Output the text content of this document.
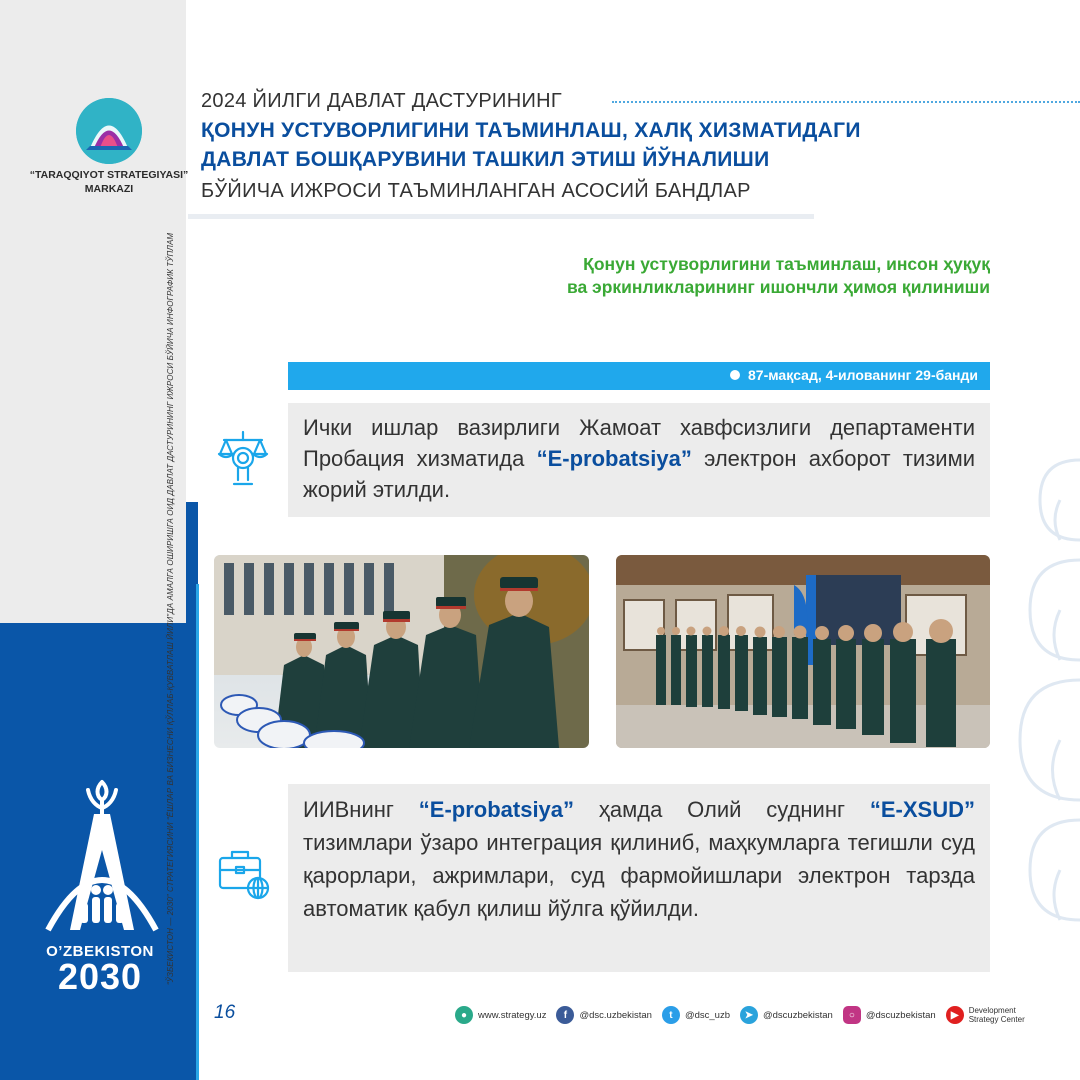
“TARAQQIYOT STRATEGIYASI”
MARKAZI
“ЎЗБЕКИСТОН — 2030” СТРАТЕГИЯСИНИ “ЁШЛАР ВА БИЗНЕСНИ ҚЎЛЛАБ-ҚУВВАТЛАШ ЙИЛИ”ДА АМАЛГА ОШИРИШГА ОИД ДАВЛАТ ДАСТУРИНИНГ ИЖРОСИ БЎЙИЧА ИНФОГРАФИК ТЎПЛАМ
O’ZBEKISTON
2030
2024 ЙИЛГИ ДАВЛАТ ДАСТУРИНИНГ
ҚОНУН УСТУВОРЛИГИНИ ТАЪМИНЛАШ, ХАЛҚ ХИЗМАТИДАГИ
ДАВЛАТ БОШҚАРУВИНИ ТАШКИЛ ЭТИШ ЙЎНАЛИШИ
БЎЙИЧА ИЖРОСИ ТАЪМИНЛАНГАН АСОСИЙ БАНДЛАР
Қонун устуворлигини таъминлаш, инсон ҳуқуқ
ва эркинликларининг ишончли ҳимоя қилиниши
87-мақсад, 4-илованинг 29-банди
Ички ишлар вазирлиги Жамоат хавфсизлиги департаменти Пробация хизматида “E-probatsiya” электрон ахборот тизими жорий этилди.
ИИВнинг “E-probatsiya” ҳамда Олий суднинг “E-XSUD” тизимлари ўзаро интеграция қилиниб, маҳкумларга тегишли суд қарорлари, ажримлари, суд фармойишлари электрон тарзда автоматик қабул қилиш йўлга қўйилди.
16	●	www.strategy.uz	f	@dsc.uzbekistan	t	@dsc_uzb	➤	@dscuzbekistan	○	@dscuzbekistan	▶	Development
Strategy Center
